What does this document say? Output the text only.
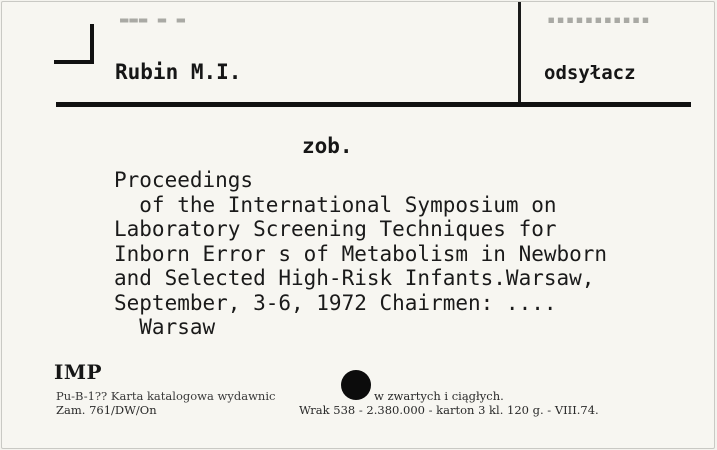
▬▬▬ ▬ ▬	▪▪▪▪▪▪▪▪▪▪▪
Rubin M.I.	odsyłacz
zob.
Proceedings
of the International Symposium on
Laboratory Screening Techniques for
Inborn Error s of Metabolism in Newborn
and Selected High-Risk Infants.Warsaw,
September, 3-6, 1972 Chairmen: ....
Warsaw
IMP
Pu-B-1?? Karta katalogowa wydawnic	w zwartych i ciągłych.
Zam. 761/DW/On	Wrak 538 - 2.380.000 - karton 3 kl. 120 g. - VIII.74.
